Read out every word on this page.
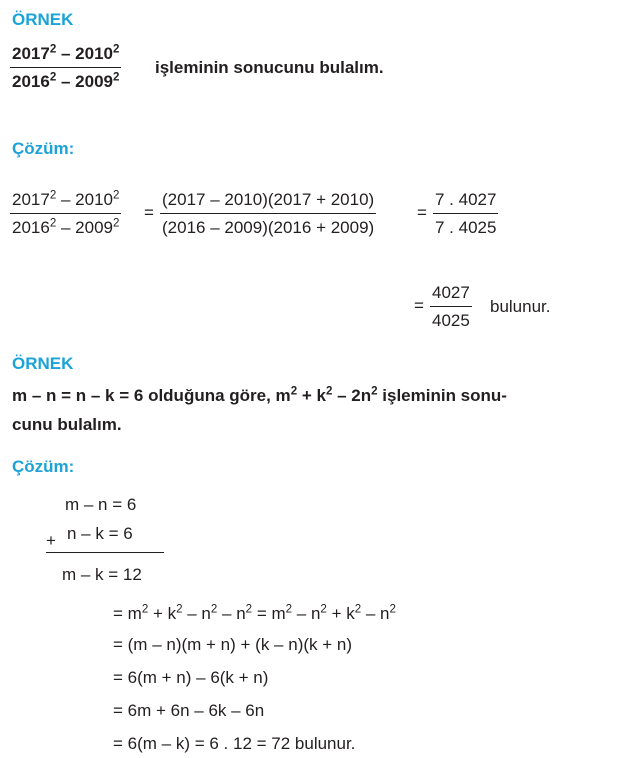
ÖRNEK
$\frac{2017^2 - 2010^2}{2016^2 - 2009^2}$ işleminin sonucunu bulalım.
Çözüm:
$\frac{2017^2 - 2010^2}{2016^2 - 2009^2} = \frac{(2017 - 2010)(2017 + 2010)}{(2016 - 2009)(2016 + 2009)} = \frac{7 . 4027}{7 . 4025}$
= $\frac{4027}{4025}$ bulunur.
ÖRNEK
m – n = n – k = 6 olduğuna göre, $m^2 + k^2 - 2n^2$ işleminin sonu-
cunu bulalım.
Çözüm:
m – n = 6
+ n – k = 6
m – k = 12
= $m^2 + k^2 - n^2 - n^2 = m^2 - n^2 + k^2 - n^2$
= (m – n)(m + n) + (k – n)(k + n)
= 6(m + n) – 6(k + n)
= 6m + 6n – 6k – 6n
= 6(m – k) = 6 . 12 = 72 bulunur.
